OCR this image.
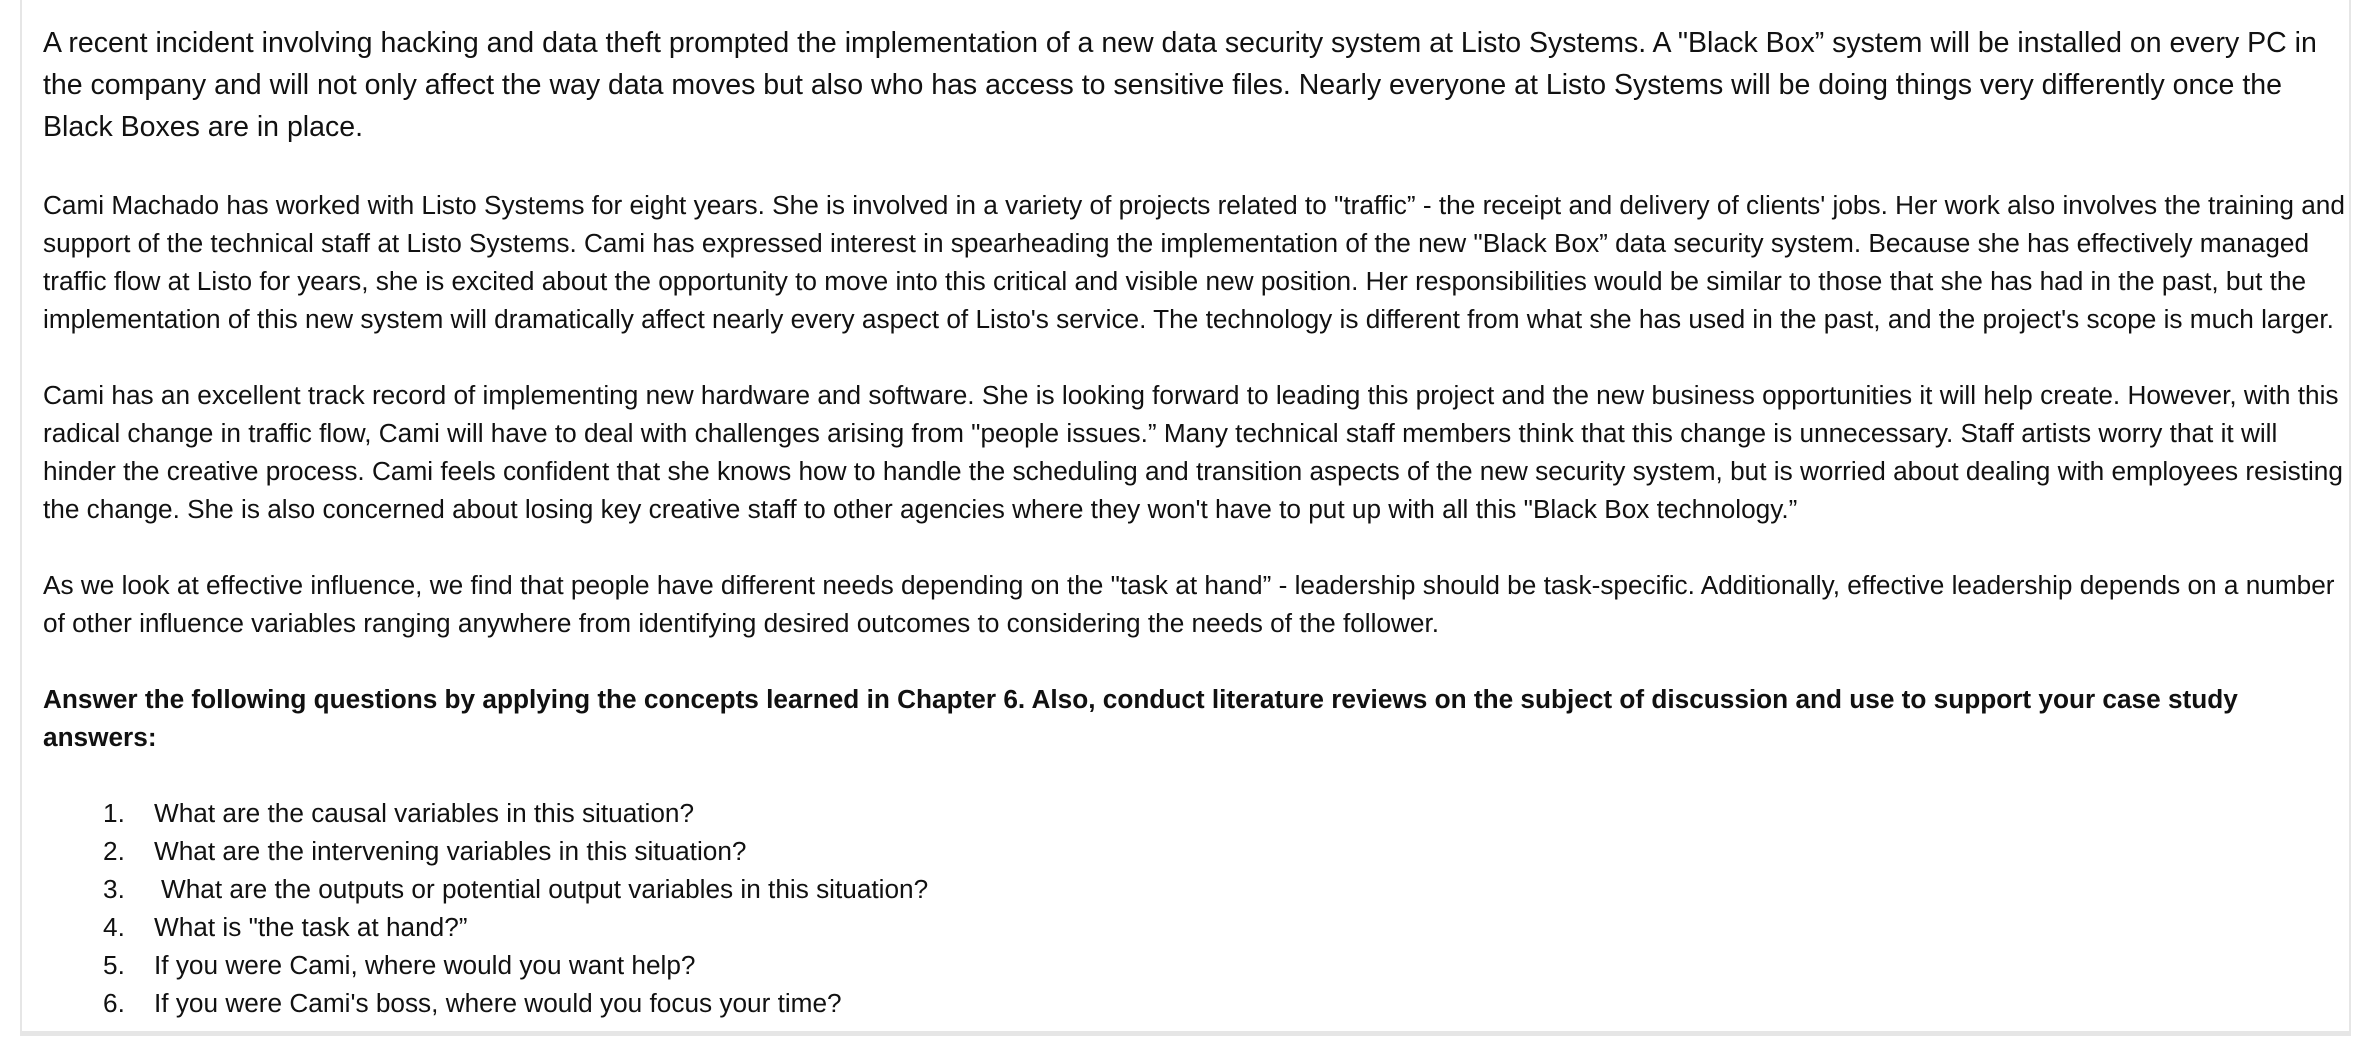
A recent incident involving hacking and data theft prompted the implementation of a new data security system at Listo Systems. A "Black Box” system will be installed on every PC in the company and will not only affect the way data moves but also who has access to sensitive files. Nearly everyone at Listo Systems will be doing things very differently once the Black Boxes are in place.

Cami Machado has worked with Listo Systems for eight years. She is involved in a variety of projects related to "traffic” - the receipt and delivery of clients' jobs. Her work also involves the training and support of the technical staff at Listo Systems. Cami has expressed interest in spearheading the implementation of the new "Black Box” data security system. Because she has effectively managed traffic flow at Listo for years, she is excited about the opportunity to move into this critical and visible new position. Her responsibilities would be similar to those that she has had in the past, but the implementation of this new system will dramatically affect nearly every aspect of Listo's service. The technology is different from what she has used in the past, and the project's scope is much larger.

Cami has an excellent track record of implementing new hardware and software. She is looking forward to leading this project and the new business opportunities it will help create. However, with this radical change in traffic flow, Cami will have to deal with challenges arising from "people issues.” Many technical staff members think that this change is unnecessary. Staff artists worry that it will hinder the creative process. Cami feels confident that she knows how to handle the scheduling and transition aspects of the new security system, but is worried about dealing with employees resisting the change. She is also concerned about losing key creative staff to other agencies where they won't have to put up with all this "Black Box technology.”

As we look at effective influence, we find that people have different needs depending on the "task at hand” - leadership should be task-specific. Additionally, effective leadership depends on a number of other influence variables ranging anywhere from identifying desired outcomes to considering the needs of the follower.

Answer the following questions by applying the concepts learned in Chapter 6. Also, conduct literature reviews on the subject of discussion and use to support your case study answers:

1. What are the causal variables in this situation?
2. What are the intervening variables in this situation?
3. What are the outputs or potential output variables in this situation?
4. What is "the task at hand?”
5. If you were Cami, where would you want help?
6. If you were Cami's boss, where would you focus your time?
